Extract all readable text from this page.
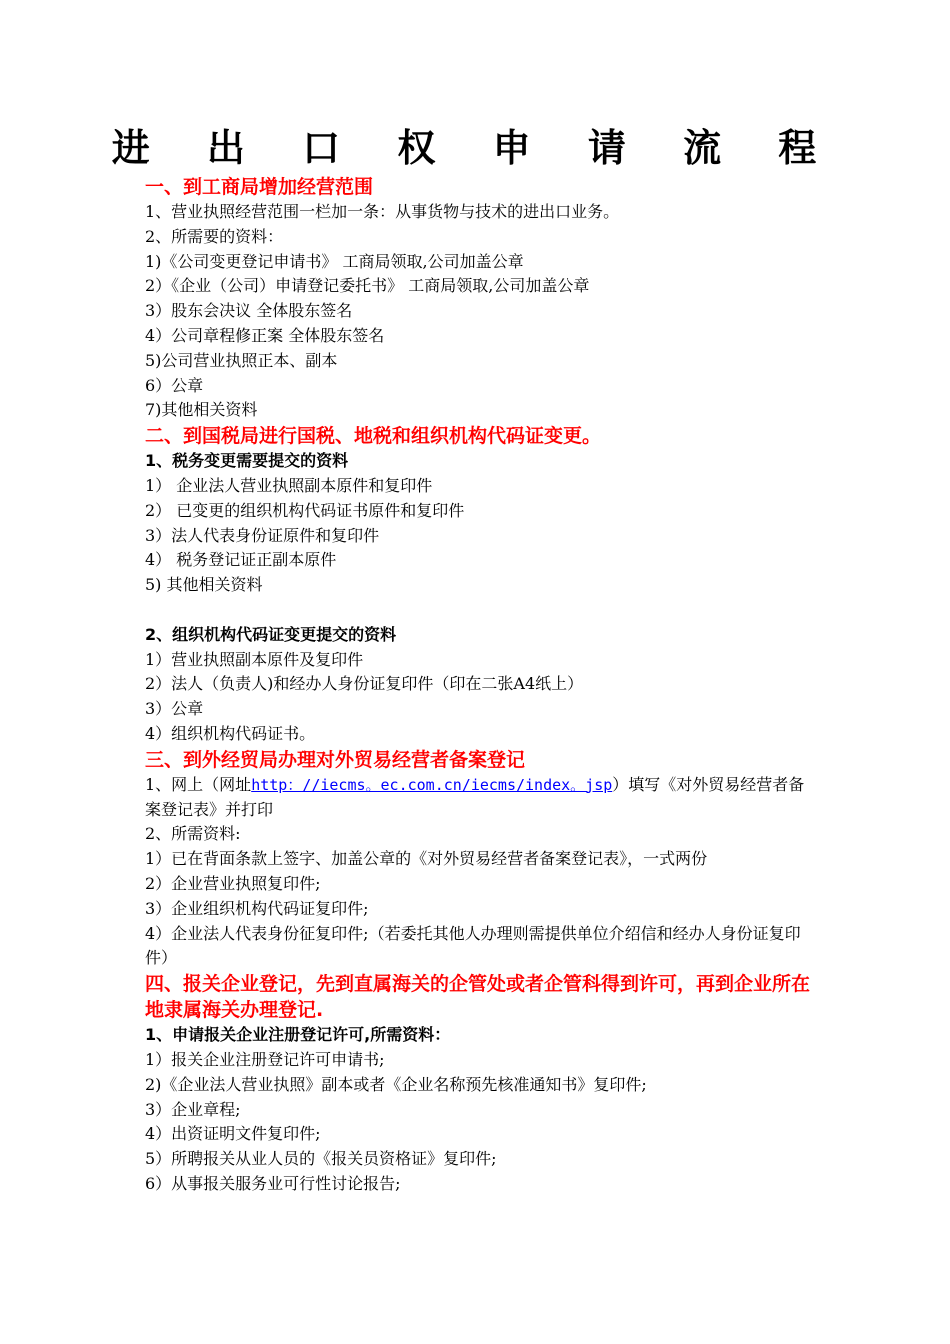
进 出 口 权 申 请 流 程
一、到工商局增加经营范围
1、营业执照经营范围一栏加一条：从事货物与技术的进出口业务。
2、所需要的资料：
1)《公司变更登记申请书》 工商局领取,公司加盖公章
2）《企业（公司）申请登记委托书》 工商局领取,公司加盖公章
3）股东会决议 全体股东签名
4）公司章程修正案 全体股东签名
5)公司营业执照正本、副本
6）公章
7)其他相关资料
二、到国税局进行国税、地税和组织机构代码证变更。
1、税务变更需要提交的资料
1） 企业法人营业执照副本原件和复印件
2） 已变更的组织机构代码证书原件和复印件
3）法人代表身份证原件和复印件
4） 税务登记证正副本原件
5) 其他相关资料
2、组织机构代码证变更提交的资料
1）营业执照副本原件及复印件
2）法人（负责人)和经办人身份证复印件（印在二张A4纸上）
3）公章
4）组织机构代码证书。
三、到外经贸局办理对外贸易经营者备案登记
1、网上（网址http：//iecms。ec.com.cn/iecms/index。jsp）填写《对外贸易经营者备案登记表》并打印
2、所需资料:
1）已在背面条款上签字、加盖公章的《对外贸易经营者备案登记表》，一式两份
2）企业营业执照复印件;
3）企业组织机构代码证复印件;
4）企业法人代表身份征复印件;（若委托其他人办理则需提供单位介绍信和经办人身份证复印件）
四、报关企业登记，先到直属海关的企管处或者企管科得到许可，再到企业所在地隶属海关办理登记.
1、申请报关企业注册登记许可,所需资料：
1）报关企业注册登记许可申请书;
2)《企业法人营业执照》副本或者《企业名称预先核准通知书》复印件;
3）企业章程;
4）出资证明文件复印件;
5）所聘报关从业人员的《报关员资格证》复印件;
6）从事报关服务业可行性讨论报告;
